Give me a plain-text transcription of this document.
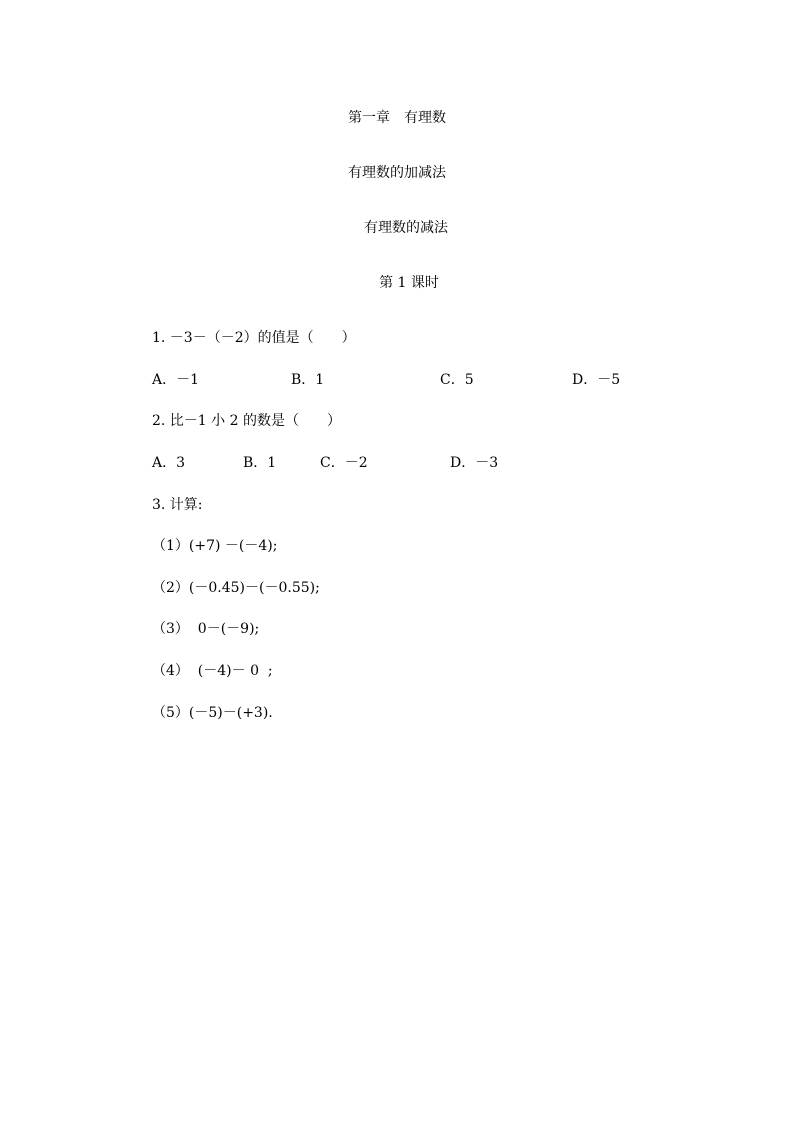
第一章　有理数
有理数的加减法
有理数的减法
第 1 课时
1. －3－（－2）的值是（　　）
A．－1	B．1	C．5	D．－5
2. 比－1 小 2 的数是（　　）
A．3	B．1	C．－2	D．－3
3. 计算:
（1）(+7) －(－4);
（2）(－0.45)－(－0.55);
（3）  0－(－9);
（4）  (－4)－ 0  ;
（5）(－5)－(+3).
